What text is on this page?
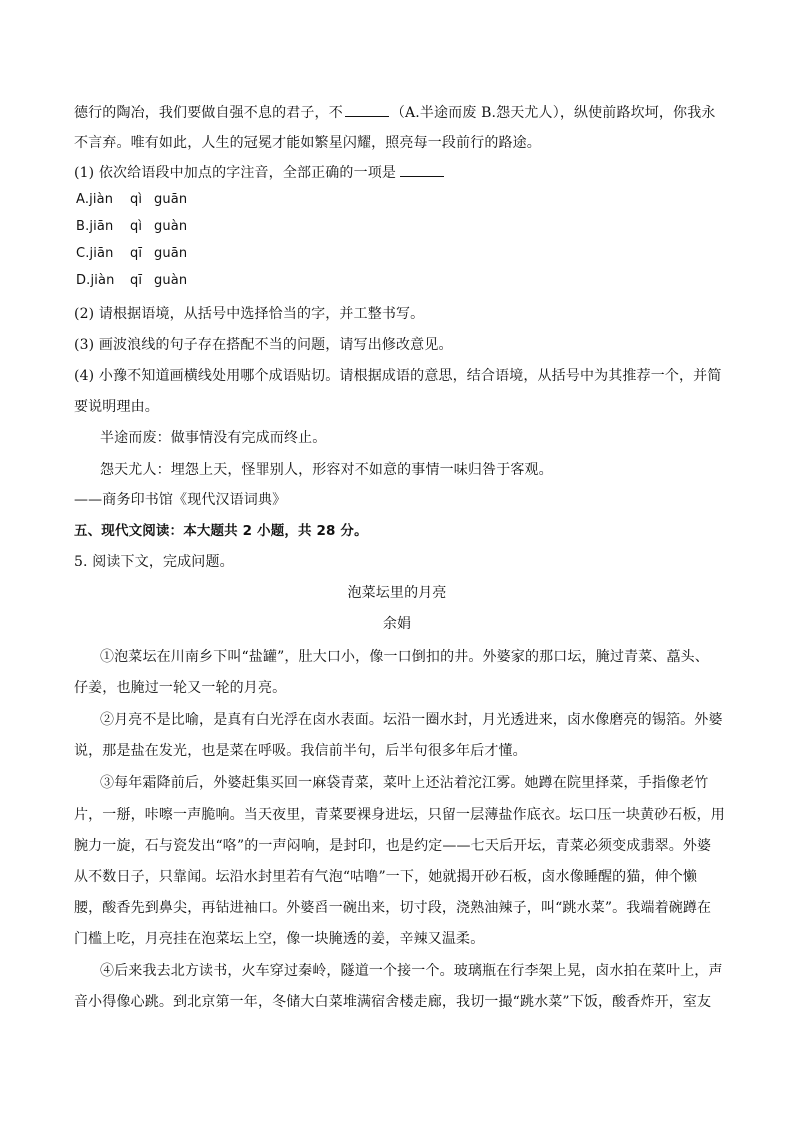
德行的陶冶，我们要做自强不息的君子，不	（A.半途而废 B.怨天尤人），纵使前路坎坷，你我永
不言弃。唯有如此，人生的冠冕才能如繁星闪耀，照亮每一段前行的路途。
(1) 依次给语段中加点的字注音，全部正确的一项是
A.jiàn qì guān
B.jiān qì guàn
C.jiān qī guān
D.jiàn qī guàn
(2) 请根据语境，从括号中选择恰当的字，并工整书写。
(3) 画波浪线的句子存在搭配不当的问题，请写出修改意见。
(4) 小豫不知道画横线处用哪个成语贴切。请根据成语的意思，结合语境，从括号中为其推荐一个，并简
要说明理由。
半途而废：做事情没有完成而终止。
怨天尤人：埋怨上天，怪罪别人，形容对不如意的事情一味归咎于客观。
——商务印书馆《现代汉语词典》
五、现代文阅读：本大题共 2 小题，共 28 分。
5. 阅读下文，完成问题。
泡菜坛里的月亮
余娟
①泡菜坛在川南乡下叫“盐罐”，肚大口小，像一口倒扣的井。外婆家的那口坛，腌过青菜、藠头、
仔姜，也腌过一轮又一轮的月亮。
②月亮不是比喻，是真有白光浮在卤水表面。坛沿一圈水封，月光透进来，卤水像磨亮的锡箔。外婆
说，那是盐在发光，也是菜在呼吸。我信前半句，后半句很多年后才懂。
③每年霜降前后，外婆赶集买回一麻袋青菜，菜叶上还沾着沱江雾。她蹲在院里择菜，手指像老竹
片，一掰，咔嚓一声脆响。当天夜里，青菜要裸身进坛，只留一层薄盐作底衣。坛口压一块黄砂石板，用
腕力一旋，石与瓷发出“咯”的一声闷响，是封印，也是约定——七天后开坛，青菜必须变成翡翠。外婆
从不数日子，只靠闻。坛沿水封里若有气泡“咕噜”一下，她就揭开砂石板，卤水像睡醒的猫，伸个懒
腰，酸香先到鼻尖，再钻进袖口。外婆舀一碗出来，切寸段，浇熟油辣子，叫“跳水菜”。我端着碗蹲在
门槛上吃，月亮挂在泡菜坛上空，像一块腌透的姜，辛辣又温柔。
④后来我去北方读书，火车穿过秦岭，隧道一个接一个。玻璃瓶在行李架上晃，卤水拍在菜叶上，声
音小得像心跳。到北京第一年，冬储大白菜堆满宿舍楼走廊，我切一撮“跳水菜”下饭，酸香炸开，室友
